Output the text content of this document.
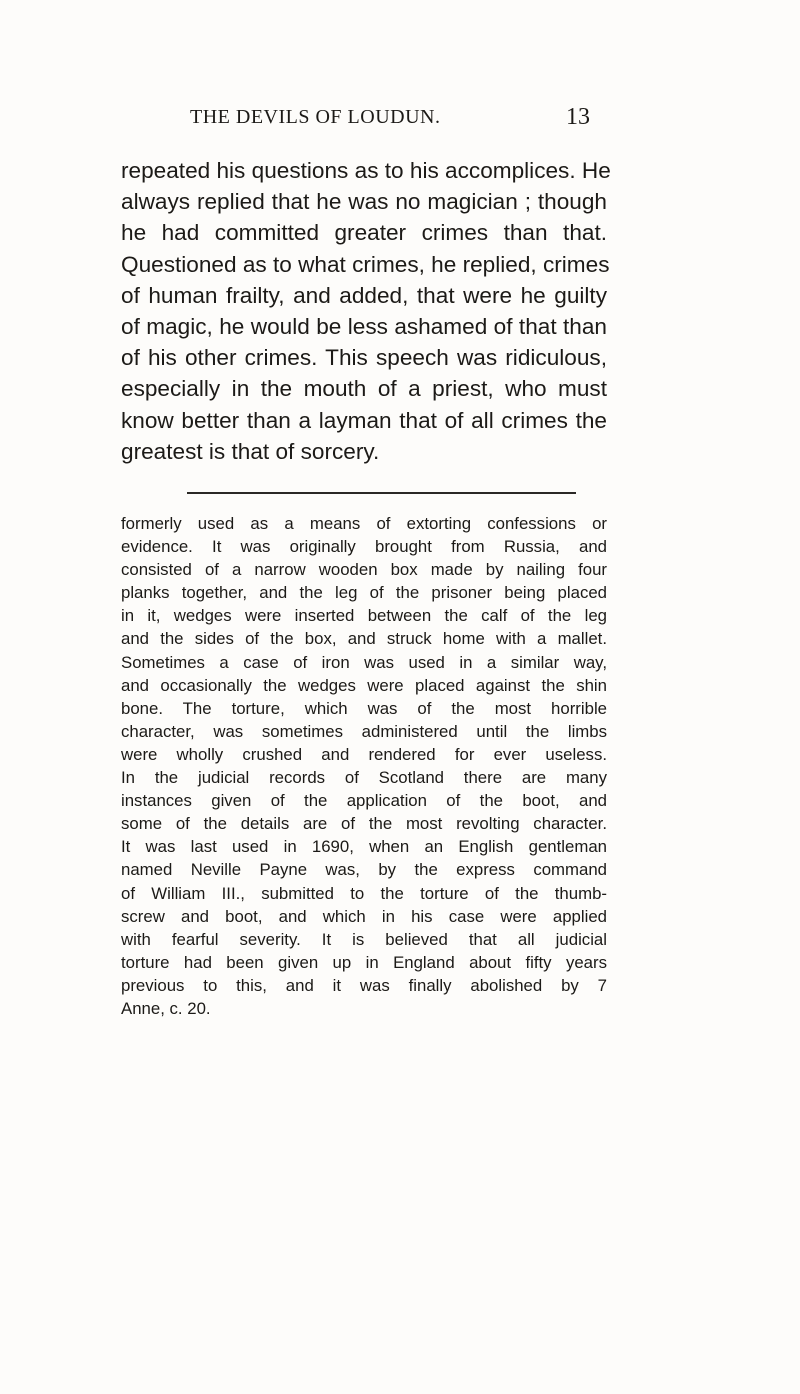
THE DEVILS OF LOUDUN.	13
repeated his questions as to his accomplices. He
always replied that he was no magician ; though
he had committed greater crimes than that.
Questioned as to what crimes, he replied, crimes
of human frailty, and added, that were he guilty
of magic, he would be less ashamed of that than
of his other crimes. This speech was ridiculous,
especially in the mouth of a priest, who must
know better than a layman that of all crimes the
greatest is that of sorcery.
formerly used as a means of extorting confessions or
evidence. It was originally brought from Russia, and
consisted of a narrow wooden box made by nailing four
planks together, and the leg of the prisoner being placed
in it, wedges were inserted between the calf of the leg
and the sides of the box, and struck home with a mallet.
Sometimes a case of iron was used in a similar way,
and occasionally the wedges were placed against the shin
bone. The torture, which was of the most horrible
character, was sometimes administered until the limbs
were wholly crushed and rendered for ever useless.
In the judicial records of Scotland there are many
instances given of the application of the boot, and
some of the details are of the most revolting character.
It was last used in 1690, when an English gentleman
named Neville Payne was, by the express command
of William III., submitted to the torture of the thumb-
screw and boot, and which in his case were applied
with fearful severity. It is believed that all judicial
torture had been given up in England about fifty years
previous to this, and it was finally abolished by 7
Anne, c. 20.
